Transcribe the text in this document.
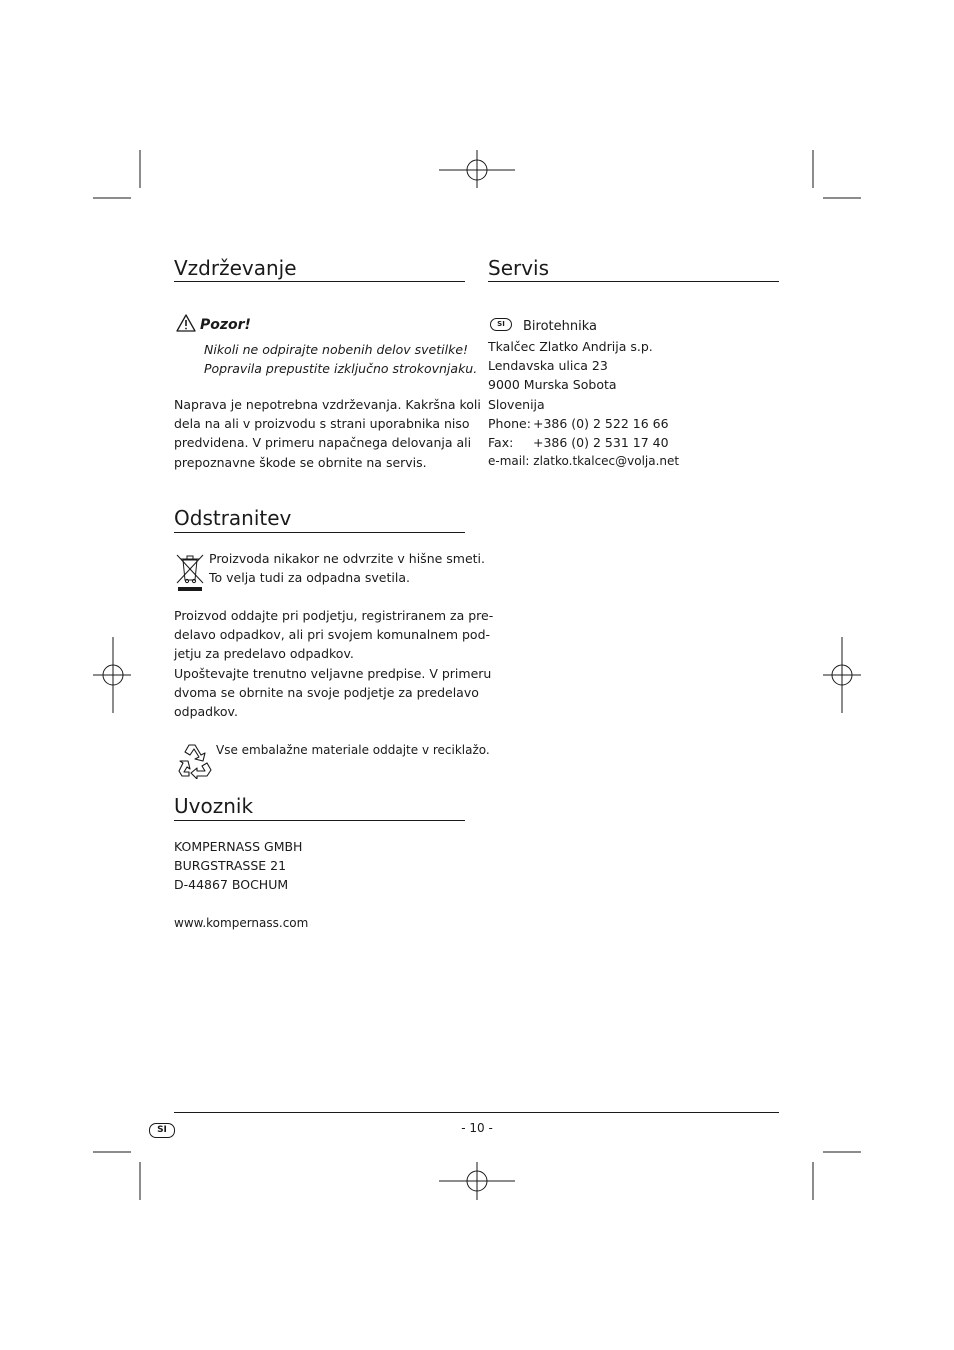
Vzdrževanje
Pozor!
Nikoli ne odpirajte nobenih delov svetilke!
Popravila prepustite izključno strokovnjaku.
Naprava je nepotrebna vzdrževanja. Kakršna koli
dela na ali v proizvodu s strani uporabnika niso
predvidena. V primeru napačnega delovanja ali
prepoznavne škode se obrnite na servis.
Odstranitev
Proizvoda nikakor ne odvrzite v hišne smeti.
To velja tudi za odpadna svetila.
Proizvod oddajte pri podjetju, registriranem za pre-
delavo odpadkov, ali pri svojem komunalnem pod-
jetju za predelavo odpadkov.
Upoštevajte trenutno veljavne predpise. V primeru
dvoma se obrnite na svoje podjetje za predelavo
odpadkov.
Vse embalažne materiale oddajte v reciklažo.
Uvoznik
KOMPERNASS GMBH
BURGSTRASSE 21
D-44867 BOCHUM
www.kompernass.com
Servis
SI	Birotehnika
Tkalčec Zlatko Andrija s.p.
Lendavska ulica 23
9000 Murska Sobota
Slovenija
Phone: +386 (0) 2 522 16 66
Fax: +386 (0) 2 531 17 40
e-mail: zlatko.tkalcec@volja.net
SI	- 10 -
